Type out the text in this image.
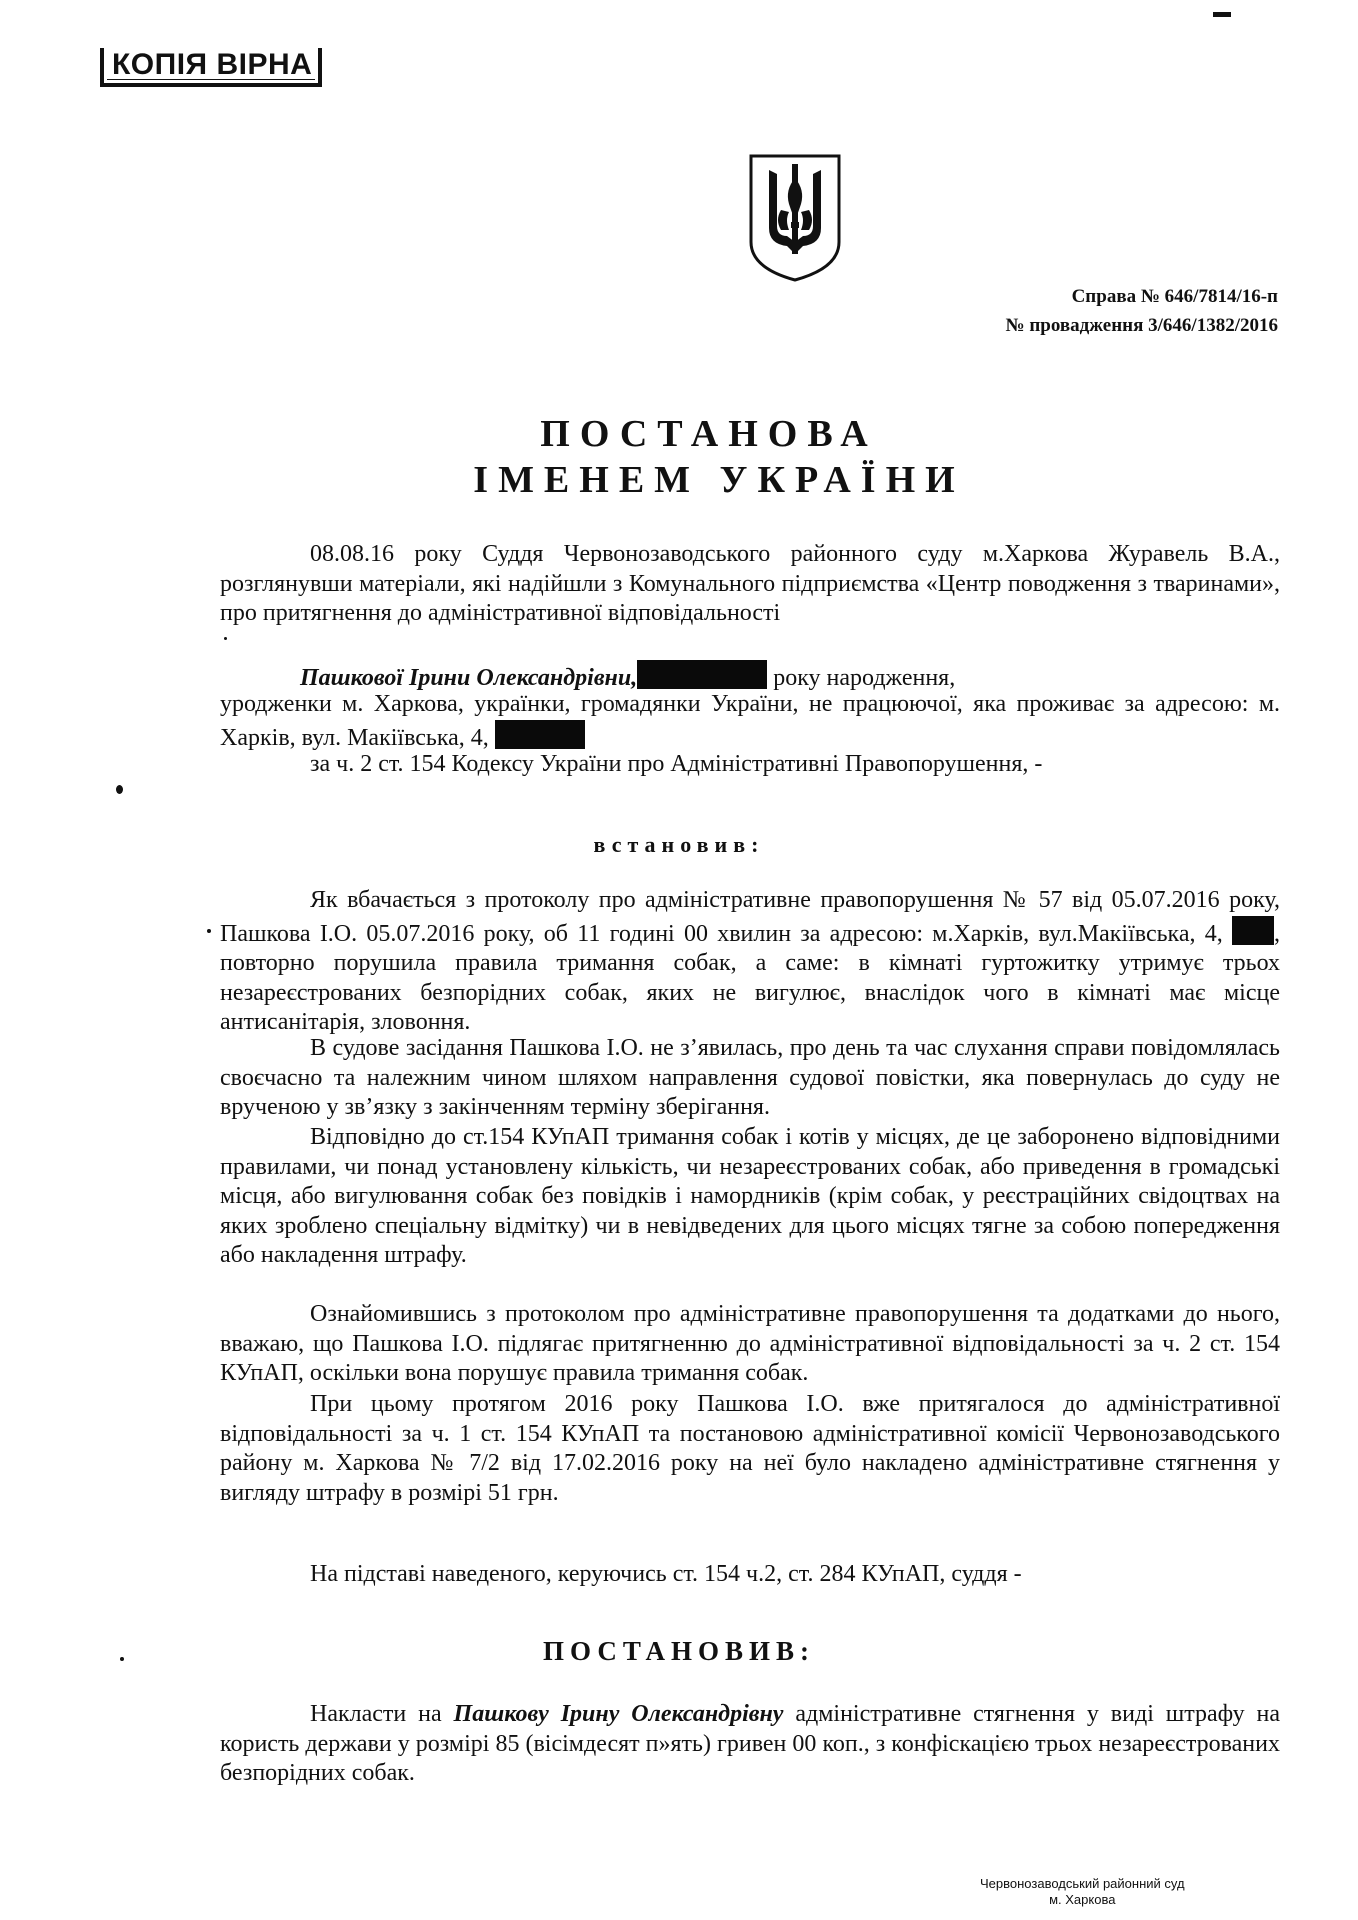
КОПІЯ ВІРНА
Справа № 646/7814/16-п
№ провадження 3/646/1382/2016
ПОСТАНОВА
ІМЕНЕМ УКРАЇНИ
08.08.16 року Суддя Червонозаводського районного суду м.Харкова Журавель В.А., розглянувши матеріали, які надійшли з Комунального підприємства «Центр поводження з тваринами», про притягнення до адміністративної відповідальності
Пашкової Ірини Олександрівни,	року народження,
уродженки м. Харкова, українки, громадянки України, не працюючої, яка проживає за адресою: м. Харків, вул. Макіївська, 4,
за ч. 2 ст. 154 Кодексу України про Адміністративні Правопорушення, -
встановив:
Як вбачається з протоколу про адміністративне правопорушення № 57 від 05.07.2016 року, Пашкова І.О. 05.07.2016 року, об 11 годині 00 хвилин за адресою: м.Харків, вул.Макіївська, 4, , повторно порушила правила тримання собак, а саме: в кімнаті гуртожитку утримує трьох незареєстрованих безпорідних собак, яких не вигулює, внаслідок чого в кімнаті має місце антисанітарія, зловоння.
В судове засідання Пашкова І.О. не з’явилась, про день та час слухання справи повідомлялась своєчасно та належним чином шляхом направлення судової повістки, яка повернулась до суду не врученою у зв’язку з закінченням терміну зберігання.
Відповідно до ст.154 КУпАП тримання собак і котів у місцях, де це заборонено відповідними правилами, чи понад установлену кількість, чи незареєстрованих собак, або приведення в громадські місця, або вигулювання собак без повідків і намордників (крім собак, у реєстраційних свідоцтвах на яких зроблено спеціальну відмітку) чи в невідведених для цього місцях тягне за собою попередження або накладення штрафу.
Ознайомившись з протоколом про адміністративне правопорушення та додатками до нього, вважаю, що Пашкова І.О. підлягає притягненню до адміністративної відповідальності за ч. 2 ст. 154 КУпАП, оскільки вона порушує правила тримання собак.
При цьому протягом 2016 року Пашкова І.О. вже притягалося до адміністративної відповідальності за ч. 1 ст. 154 КУпАП та постановою адміністративної комісії Червонозаводського району м. Харкова № 7/2 від 17.02.2016 року на неї було накладено адміністративне стягнення у вигляду штрафу в розмірі 51 грн.
На підставі наведеного, керуючись ст. 154 ч.2, ст. 284 КУпАП, суддя -
ПОСТАНОВИВ:
Накласти на Пашкову Ірину Олександрівну адміністративне стягнення у виді штрафу на користь держави у розмірі 85 (вісімдесят п»ять) гривен 00 коп., з конфіскацією трьох незареєстрованих безпорідних собак.
Червонозаводський районний суд
м. Харкова
